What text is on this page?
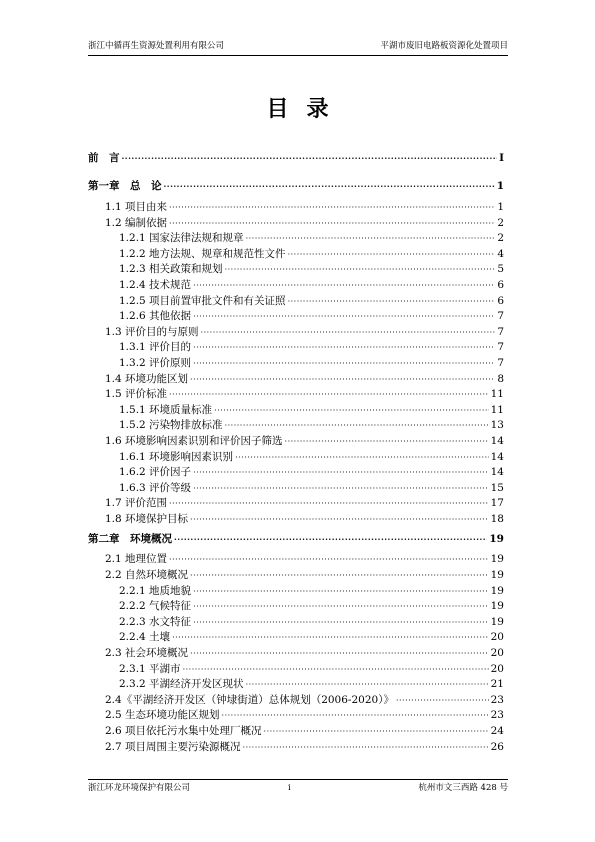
浙江中循再生资源处置利用有限公司	平湖市废旧电路板资源化处置项目
目录
前　言 ·····	I
第一章　总　论 ·····	1
1.1 项目由来 ·····	1
1.2 编制依据 ·····	2
1.2.1 国家法律法规和规章 ·····	2
1.2.2 地方法规、规章和规范性文件 ·····	4
1.2.3 相关政策和规划 ·····	5
1.2.4 技术规范 ·····	6
1.2.5 项目前置审批文件和有关证照 ·····	6
1.2.6 其他依据 ·····	7
1.3 评价目的与原则 ·····	7
1.3.1 评价目的 ·····	7
1.3.2 评价原则 ·····	7
1.4 环境功能区划 ·····	8
1.5 评价标准 ·····	11
1.5.1 环境质量标准 ·····	11
1.5.2 污染物排放标准 ·····	13
1.6 环境影响因素识别和评价因子筛选 ·····	14
1.6.1 环境影响因素识别 ·····	14
1.6.2 评价因子 ·····	14
1.6.3 评价等级 ·····	15
1.7 评价范围 ·····	17
1.8 环境保护目标 ·····	18
第二章　环境概况 ·····	19
2.1 地理位置 ·····	19
2.2 自然环境概况 ·····	19
2.2.1 地质地貌 ·····	19
2.2.2 气候特征 ·····	19
2.2.3 水文特征 ·····	19
2.2.4 土壤 ·····	20
2.3 社会环境概况 ·····	20
2.3.1 平湖市 ·····	20
2.3.2 平湖经济开发区现状 ·····	21
2.4《平湖经济开发区（钟埭街道）总体规划（2006-2020）》 ·····	23
2.5 生态环境功能区规划 ·····	23
2.6 项目依托污水集中处理厂概况 ·····	24
2.7 项目周围主要污染源概况 ·····	26
浙江环龙环境保护有限公司	i	杭州市文三西路 428 号
